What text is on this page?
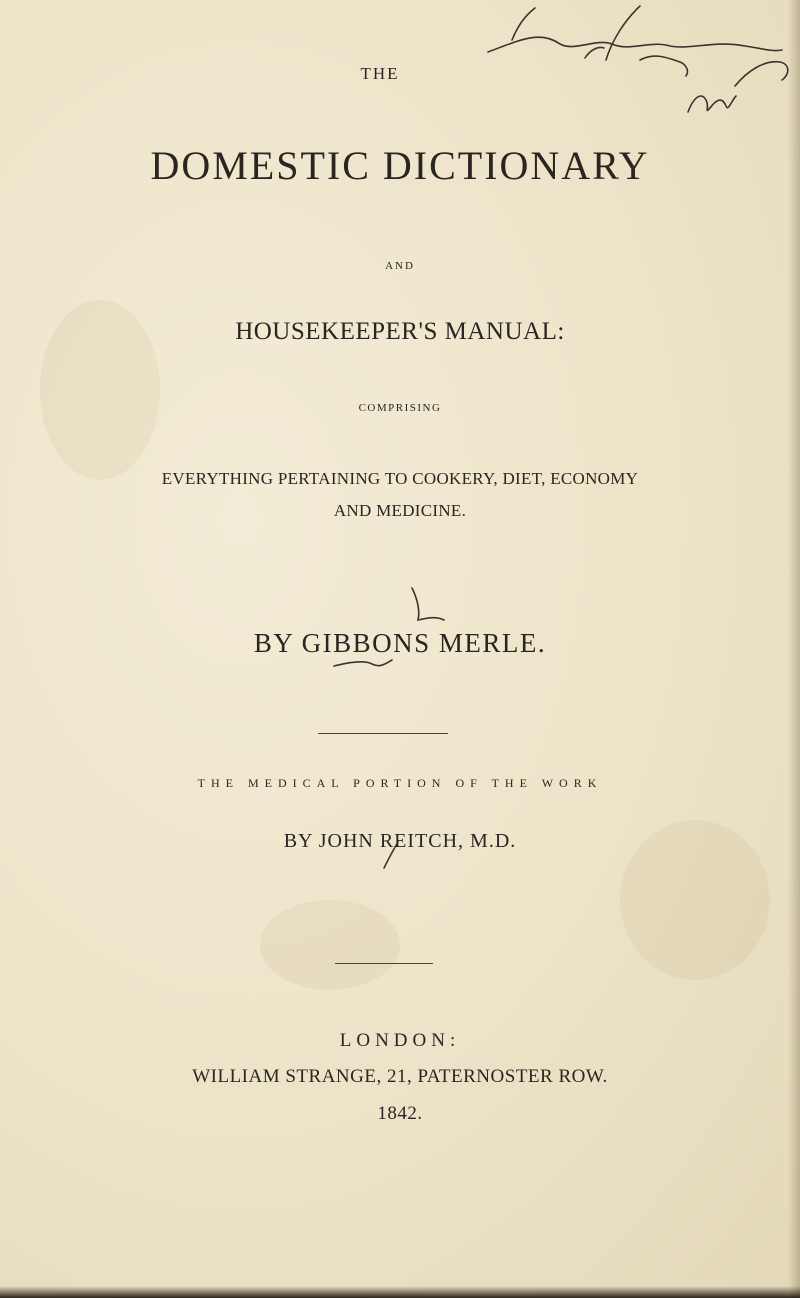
THE
DOMESTIC DICTIONARY
AND
HOUSEKEEPER'S MANUAL:
COMPRISING
EVERYTHING PERTAINING TO COOKERY, DIET, ECONOMY
AND MEDICINE.
BY GIBBONS MERLE.
THE MEDICAL PORTION OF THE WORK
BY JOHN REITCH, M.D.
LONDON:
WILLIAM STRANGE, 21, PATERNOSTER ROW.
1842.
